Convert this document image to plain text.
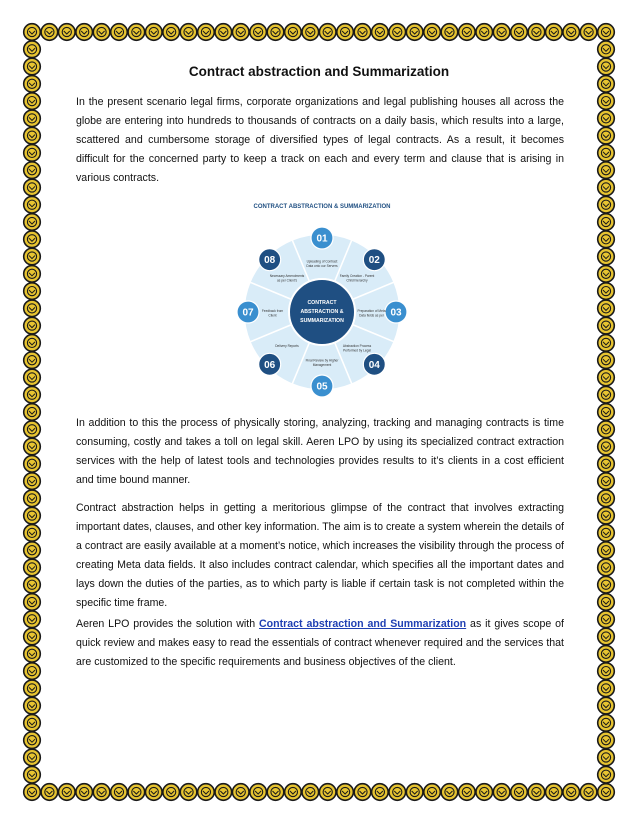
Contract abstraction and Summarization

In the present scenario legal firms, corporate organizations and legal publishing houses all across the globe are entering into hundreds to thousands of contracts on a daily basis, which results into a large, scattered and cumbersome storage of diversified types of legal contracts. As a result, it becomes difficult for the concerned party to keep a track on each and every term and clause that is arising in various contracts.

CONTRACT ABSTRACTION & SUMMARIZATION
01
Uploading of Contract
Data onto our Servers	02
Family Creation - Parent
Child hierarchy
03
Preparation of Meta
Data fields as per
04
Abstraction Process
Performed by Legal
05
Final Review by Higher
Management
06
Delivery Reports
07	Feedback from
Client
08
Necessary Amendments
as per Client's
CONTRACT
ABSTRACTION &
SUMMARIZATION

In addition to this the process of physically storing, analyzing, tracking and managing contracts is time consuming, costly and takes a toll on legal skill. Aeren LPO by using its specialized contract extraction services with the help of latest tools and technologies provides results to it’s clients in a cost efficient and time bound manner.

Contract abstraction helps in getting a meritorious glimpse of the contract that involves extracting important dates, clauses, and other key information. The aim is to create a system wherein the details of a contract are easily available at a moment’s notice, which increases the visibility through the process of creating Meta data fields. It also includes contract calendar, which specifies all the important dates and lays down the duties of the parties, as to which party is liable if certain task is not completed within the specific time frame.

Aeren LPO provides the solution with Contract abstraction and Summarization as it gives scope of quick review and makes easy to read the essentials of contract whenever required and the services that are customized to the specific requirements and business objectives of the client.
